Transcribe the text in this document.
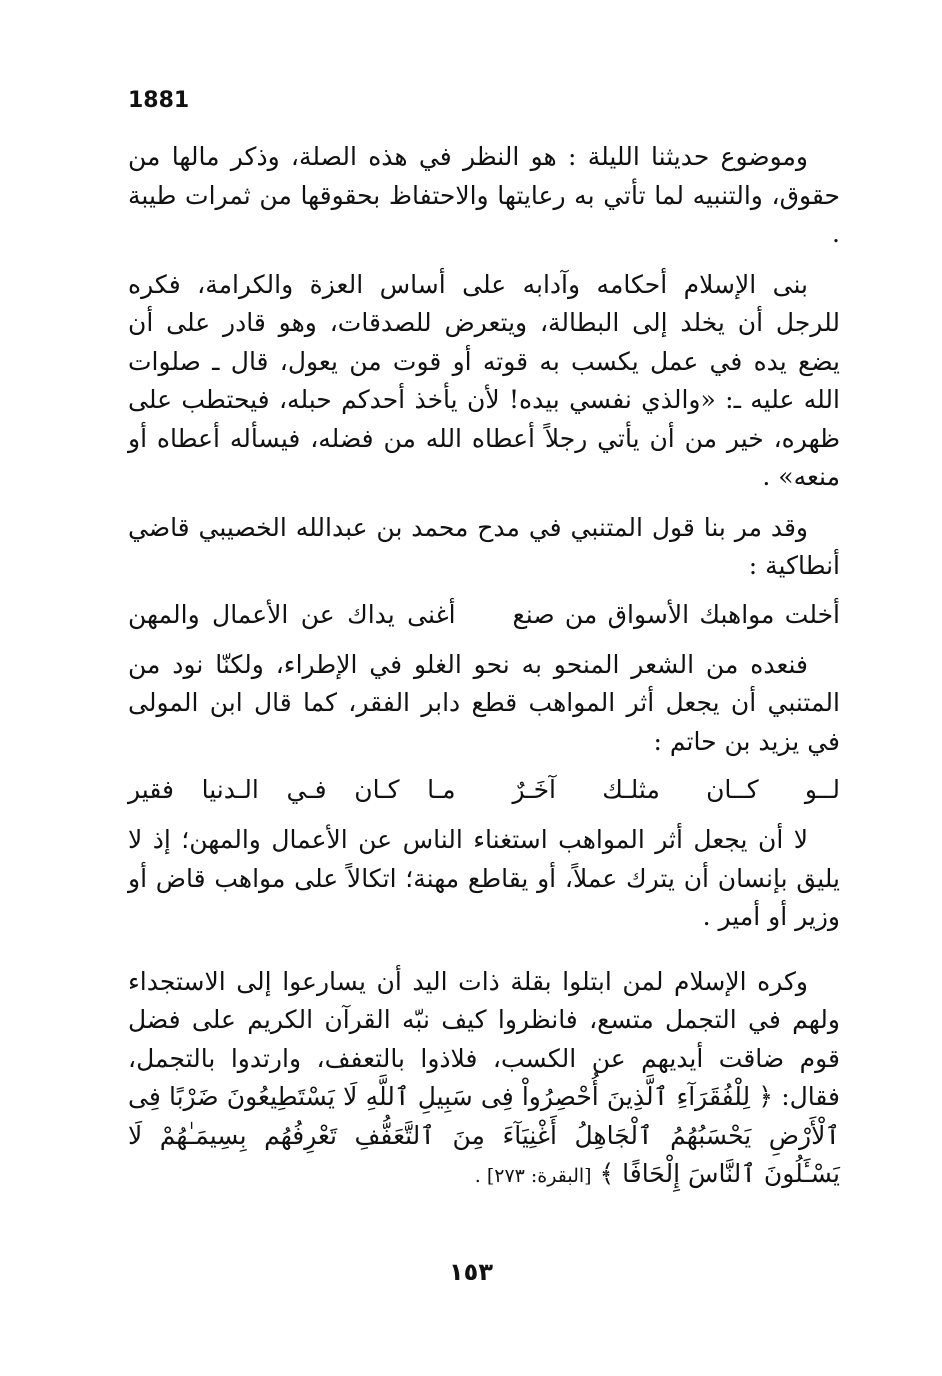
1881

وموضوع حديثنا الليلة : هو النظر في هذه الصلة، وذكر مالها من حقوق، والتنبيه لما تأتي به رعايتها والاحتفاظ بحقوقها من ثمرات طيبة .

بنى الإسلام أحكامه وآدابه على أساس العزة والكرامة، فكره للرجل أن يخلد إلى البطالة، ويتعرض للصدقات، وهو قادر على أن يضع يده في عمل يكسب به قوته أو قوت من يعول، قال ـ صلوات الله عليه ـ: «والذي نفسي بيده! لأن يأخذ أحدكم حبله، فيحتطب على ظهره، خير من أن يأتي رجلاً أعطاه الله من فضله، فيسأله أعطاه أو منعه» .

وقد مر بنا قول المتنبي في مدح محمد بن عبدالله الخصيبي قاضي أنطاكية :

أخلت مواهبك الأسواق من صنع
أغنى يداك عن الأعمال والمهن

فنعده من الشعر المنحو به نحو الغلو في الإطراء، ولكنّا نود من المتنبي أن يجعل أثر المواهب قطع دابر الفقر، كما قال ابن المولى في يزيد بن حاتم :

لــو كــان مثلـك آخَـرٌ
مـا كـان فـي الـدنيا فقير

لا أن يجعل أثر المواهب استغناء الناس عن الأعمال والمهن؛ إذ لا يليق بإنسان أن يترك عملاً، أو يقاطع مهنة؛ اتكالاً على مواهب قاض أو وزير أو أمير .

وكره الإسلام لمن ابتلوا بقلة ذات اليد أن يسارعوا إلى الاستجداء ولهم في التجمل متسع، فانظروا كيف نبّه القرآن الكريم على فضل قوم ضاقت أيديهم عن الكسب، فلاذوا بالتعفف، وارتدوا بالتجمل، فقال: ﴿ لِلْفُقَرَآءِ ٱلَّذِينَ أُحْصِرُواْ فِى سَبِيلِ ٱللَّهِ لَا يَسْتَطِيعُونَ ضَرْبًا فِى ٱلْأَرْضِ يَحْسَبُهُمُ ٱلْجَاهِلُ أَغْنِيَآءَ مِنَ ٱلتَّعَفُّفِ تَعْرِفُهُم بِسِيمَـٰهُمْ لَا يَسْـَٔلُونَ ٱلنَّاسَ إِلْحَافًا ﴾ [البقرة: ٢٧٣] .

١٥٣
